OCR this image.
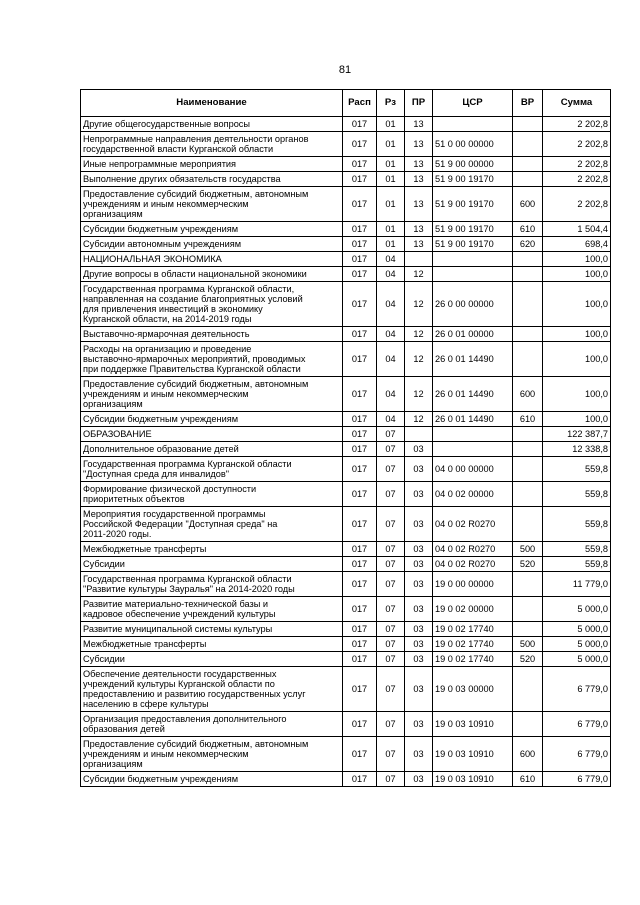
81
Наименование	Расп	Рз	ПР	ЦСР	ВР	Сумма
Другие общегосударственные вопросы	017	01	13			2 202,8
Непрограммные направления деятельности органов
государственной власти Курганской области	017	01	13	51 0 00 00000		2 202,8
Иные непрограммные мероприятия	017	01	13	51 9 00 00000		2 202,8
Выполнение других обязательств государства	017	01	13	51 9 00 19170		2 202,8
Предоставление субсидий бюджетным, автономным
учреждениям и иным некоммерческим
организациям	017	01	13	51 9 00 19170	600	2 202,8
Субсидии бюджетным учреждениям	017	01	13	51 9 00 19170	610	1 504,4
Субсидии автономным учреждениям	017	01	13	51 9 00 19170	620	698,4
НАЦИОНАЛЬНАЯ ЭКОНОМИКА	017	04				100,0
Другие вопросы в области национальной экономики	017	04	12			100,0
Государственная программа Курганской области,
направленная на создание благоприятных условий
для привлечения инвестиций в экономику
Курганской области, на 2014-2019 годы	017	04	12	26 0 00 00000		100,0
Выставочно-ярмарочная деятельность	017	04	12	26 0 01 00000		100,0
Расходы на организацию и проведение
выставочно-ярмарочных мероприятий, проводимых
при поддержке Правительства Курганской области	017	04	12	26 0 01 14490		100,0
Предоставление субсидий бюджетным, автономным
учреждениям и иным некоммерческим
организациям	017	04	12	26 0 01 14490	600	100,0
Субсидии бюджетным учреждениям	017	04	12	26 0 01 14490	610	100,0
ОБРАЗОВАНИЕ	017	07				122 387,7
Дополнительное образование детей	017	07	03			12 338,8
Государственная программа Курганской области
"Доступная среда для инвалидов"	017	07	03	04 0 00 00000		559,8
Формирование физической доступности
приоритетных объектов	017	07	03	04 0 02 00000		559,8
Мероприятия государственной программы
Российской Федерации "Доступная среда" на
2011-2020 годы.	017	07	03	04 0 02 R0270		559,8
Межбюджетные трансферты	017	07	03	04 0 02 R0270	500	559,8
Субсидии	017	07	03	04 0 02 R0270	520	559,8
Государственная программа Курганской области
"Развитие культуры Зауралья" на 2014-2020 годы	017	07	03	19 0 00 00000		11 779,0
Развитие материально-технической базы и
кадровое обеспечение учреждений культуры	017	07	03	19 0 02 00000		5 000,0
Развитие муниципальной системы культуры	017	07	03	19 0 02 17740		5 000,0
Межбюджетные трансферты	017	07	03	19 0 02 17740	500	5 000,0
Субсидии	017	07	03	19 0 02 17740	520	5 000,0
Обеспечение деятельности государственных
учреждений культуры Курганской области по
предоставлению и развитию государственных услуг
населению в сфере культуры	017	07	03	19 0 03 00000		6 779,0
Организация предоставления дополнительного
образования детей	017	07	03	19 0 03 10910		6 779,0
Предоставление субсидий бюджетным, автономным
учреждениям и иным некоммерческим
организациям	017	07	03	19 0 03 10910	600	6 779,0
Субсидии бюджетным учреждениям	017	07	03	19 0 03 10910	610	6 779,0
